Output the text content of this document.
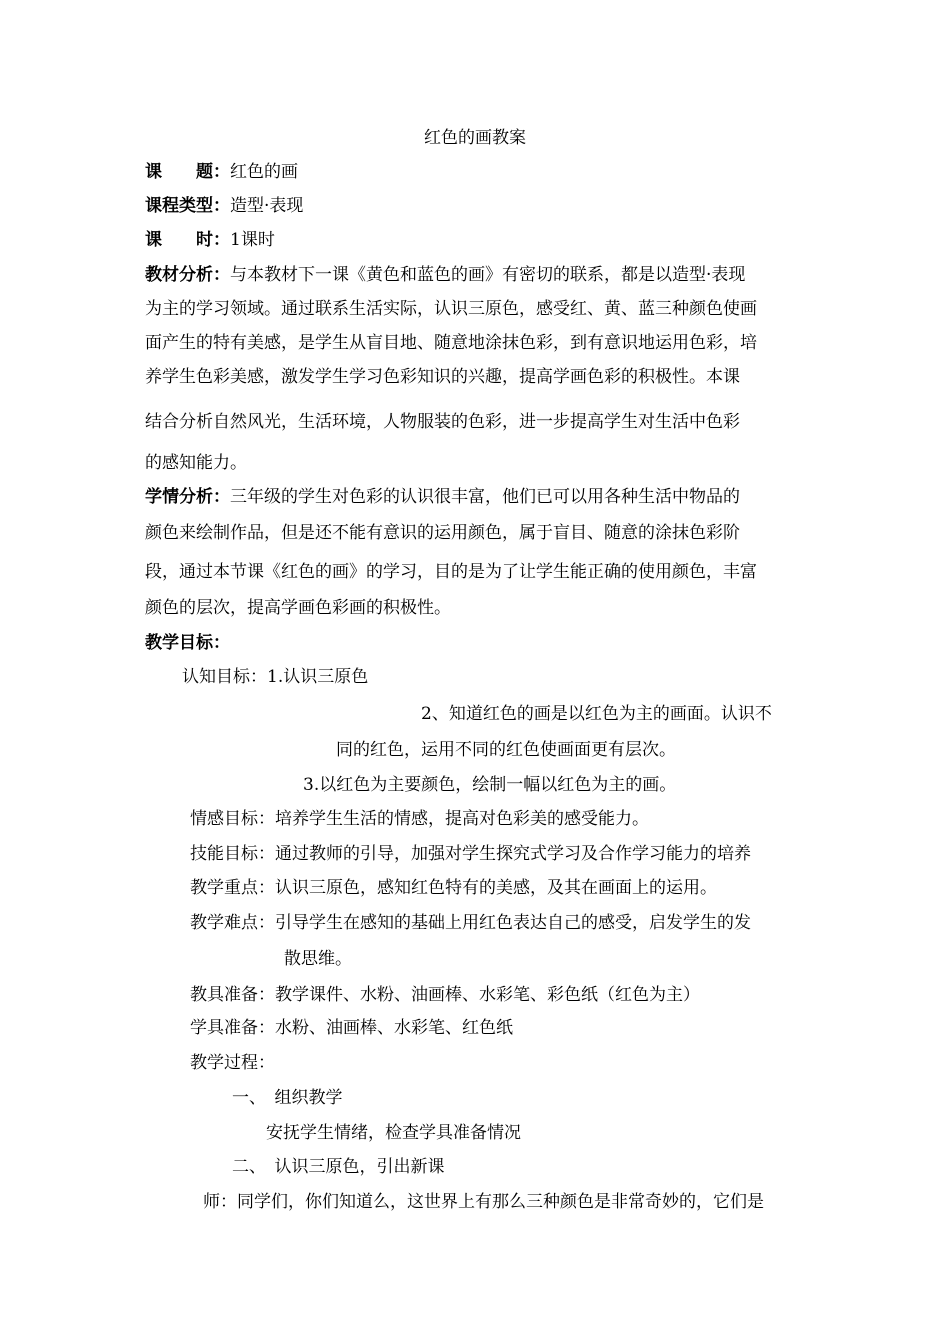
红色的画教案
课　　题：红色的画
课程类型：造型·表现
课　　时：1课时
教材分析：与本教材下一课《黄色和蓝色的画》有密切的联系，都是以造型·表现
为主的学习领域。通过联系生活实际，认识三原色，感受红、黄、蓝三种颜色使画
面产生的特有美感，是学生从盲目地、随意地涂抹色彩，到有意识地运用色彩，培
养学生色彩美感，激发学生学习色彩知识的兴趣，提高学画色彩的积极性。本课
结合分析自然风光，生活环境，人物服装的色彩，进一步提高学生对生活中色彩
的感知能力。
学情分析：三年级的学生对色彩的认识很丰富，他们已可以用各种生活中物品的
颜色来绘制作品，但是还不能有意识的运用颜色，属于盲目、随意的涂抹色彩阶
段，通过本节课《红色的画》的学习，目的是为了让学生能正确的使用颜色，丰富
颜色的层次，提高学画色彩画的积极性。
教学目标：
认知目标：1.认识三原色
2、知道红色的画是以红色为主的画面。认识不
同的红色，运用不同的红色使画面更有层次。
3.以红色为主要颜色，绘制一幅以红色为主的画。
情感目标：培养学生生活的情感，提高对色彩美的感受能力。
技能目标：通过教师的引导，加强对学生探究式学习及合作学习能力的培养
教学重点：认识三原色，感知红色特有的美感，及其在画面上的运用。
教学难点：引导学生在感知的基础上用红色表达自己的感受，启发学生的发
散思维。
教具准备：教学课件、水粉、油画棒、水彩笔、彩色纸（红色为主）
学具准备：水粉、油画棒、水彩笔、红色纸
教学过程：
一、　组织教学
安抚学生情绪，检查学具准备情况
二、　认识三原色，引出新课
师：同学们，你们知道么，这世界上有那么三种颜色是非常奇妙的，它们是
